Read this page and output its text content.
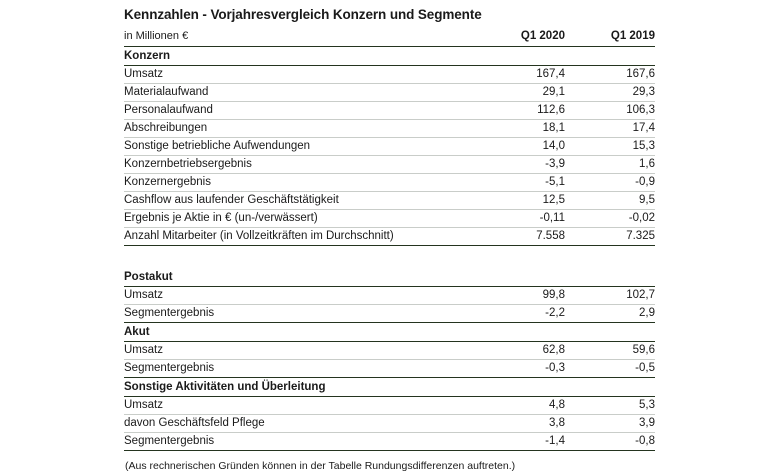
Kennzahlen - Vorjahresvergleich Konzern und Segmente
in Millionen €	Q1 2020	Q1 2019
Konzern		
Umsatz	167,4	167,6
Materialaufwand	29,1	29,3
Personalaufwand	112,6	106,3
Abschreibungen	18,1	17,4
Sonstige betriebliche Aufwendungen	14,0	15,3
Konzernbetriebsergebnis	-3,9	1,6
Konzernergebnis	-5,1	-0,9
Cashflow aus laufender Geschäftstätigkeit	12,5	9,5
Ergebnis je Aktie in € (un-/verwässert)	-0,11	-0,02
Anzahl Mitarbeiter (in Vollzeitkräften im Durchschnitt)	7.558	7.325

Postakut		
Umsatz	99,8	102,7
Segmentergebnis	-2,2	2,9
Akut		
Umsatz	62,8	59,6
Segmentergebnis	-0,3	-0,5
Sonstige Aktivitäten und Überleitung		
Umsatz	4,8	5,3
davon Geschäftsfeld Pflege	3,8	3,9
Segmentergebnis	-1,4	-0,8
(Aus rechnerischen Gründen können in der Tabelle Rundungsdifferenzen auftreten.)
